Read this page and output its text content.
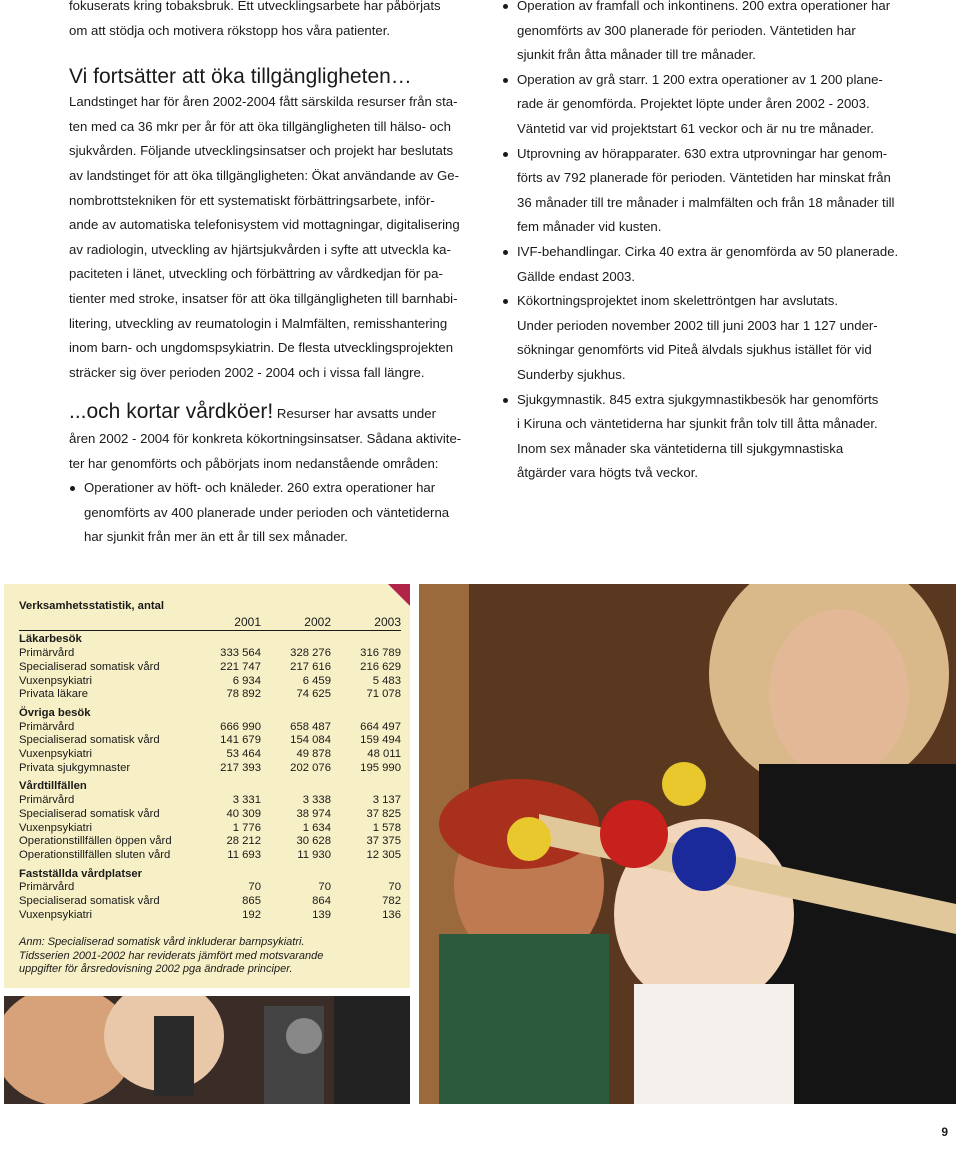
fokuserats kring tobaksbruk. Ett utvecklingsarbete har påbörjats

om att stödja och motivera rökstopp hos våra patienter.

Vi fortsätter att öka tillgängligheten…

Landstinget har för åren 2002-2004 fått särskilda resurser från sta-

ten med ca 36 mkr per år för att öka tillgängligheten till hälso- och

sjukvården. Följande utvecklingsinsatser och projekt har beslutats

av landstinget för att öka tillgängligheten: Ökat användande av Ge-

nombrottstekniken för ett systematiskt förbättringsarbete, inför-

ande av automatiska telefonisystem vid mottagningar, digitalisering

av radiologin, utveckling av hjärtsjukvården i syfte att utveckla ka-

paciteten i länet, utveckling och förbättring av vårdkedjan för pa-

tienter med stroke, insatser för att öka tillgängligheten till barnhabi-

litering, utveckling av reumatologin i Malmfälten, remisshantering

inom barn- och ungdomspsykiatrin. De flesta utvecklingsprojekten

sträcker sig över perioden 2002 - 2004 och i vissa fall längre.

...och kortar vårdköer! Resurser har avsatts under

åren 2002 - 2004 för konkreta kökortningsinsatser. Sådana aktivite-

ter har genomförts och påbörjats inom nedanstående områden:

Operationer av höft- och knäleder. 260 extra operationer har
genomförts av 400 planerade under perioden och väntetiderna
har sjunkit från mer än ett år till sex månader.
Operation av framfall och inkontinens. 200 extra operationer har
genomförts av 300 planerade för perioden. Väntetiden har
sjunkit från åtta månader till tre månader.
Operation av grå starr. 1 200 extra operationer av 1 200 plane-
rade är genomförda. Projektet löpte under åren 2002 - 2003.
Väntetid var vid projektstart 61 veckor och är nu tre månader.
Utprovning av hörapparater. 630 extra utprovningar har genom-
förts av 792 planerade för perioden. Väntetiden har minskat från
36 månader till tre månader i malmfälten och från 18 månader till
fem månader vid kusten.
IVF-behandlingar. Cirka 40 extra är genomförda av 50 planerade.
Gällde endast 2003.
Kökortningsprojektet inom skelettröntgen har avslutats.
Under perioden november 2002 till juni 2003 har 1 127 under-
sökningar genomförts vid Piteå älvdals sjukhus istället för vid
Sunderby sjukhus.
Sjukgymnastik. 845 extra sjukgymnastikbesök har genomförts
i Kiruna och väntetiderna har sjunkit från tolv till åtta månader.
Inom sex månader ska väntetiderna till sjukgymnastiska
åtgärder vara högts två veckor.
Verksamhetsstatistik, antal
	2001	2002	2003
Läkarbesök			
Primärvård	333 564	328 276	316 789
Specialiserad somatisk vård	221 747	217 616	216 629
Vuxenpsykiatri	6 934	6 459	5 483
Privata läkare	78 892	74 625	71 078
Övriga besök			
Primärvård	666 990	658 487	664 497
Specialiserad somatisk vård	141 679	154 084	159 494
Vuxenpsykiatri	53 464	49 878	48 011
Privata sjukgymnaster	217 393	202 076	195 990
Vårdtillfällen			
Primärvård	3 331	3 338	3 137
Specialiserad somatisk vård	40 309	38 974	37 825
Vuxenpsykiatri	1 776	1 634	1 578
Operationstillfällen öppen vård	28 212	30 628	37 375
Operationstillfällen sluten vård	11 693	11 930	12 305
Fastställda vårdplatser			
Primärvård	70	70	70
Specialiserad somatisk vård	865	864	782
Vuxenpsykiatri	192	139	136
Anm: Specialiserad somatisk vård inkluderar barnpsykiatri.
Tidsserien 2001-2002 har reviderats jämfört med motsvarande
uppgifter för årsredovisning 2002 pga ändrade principer.
9
